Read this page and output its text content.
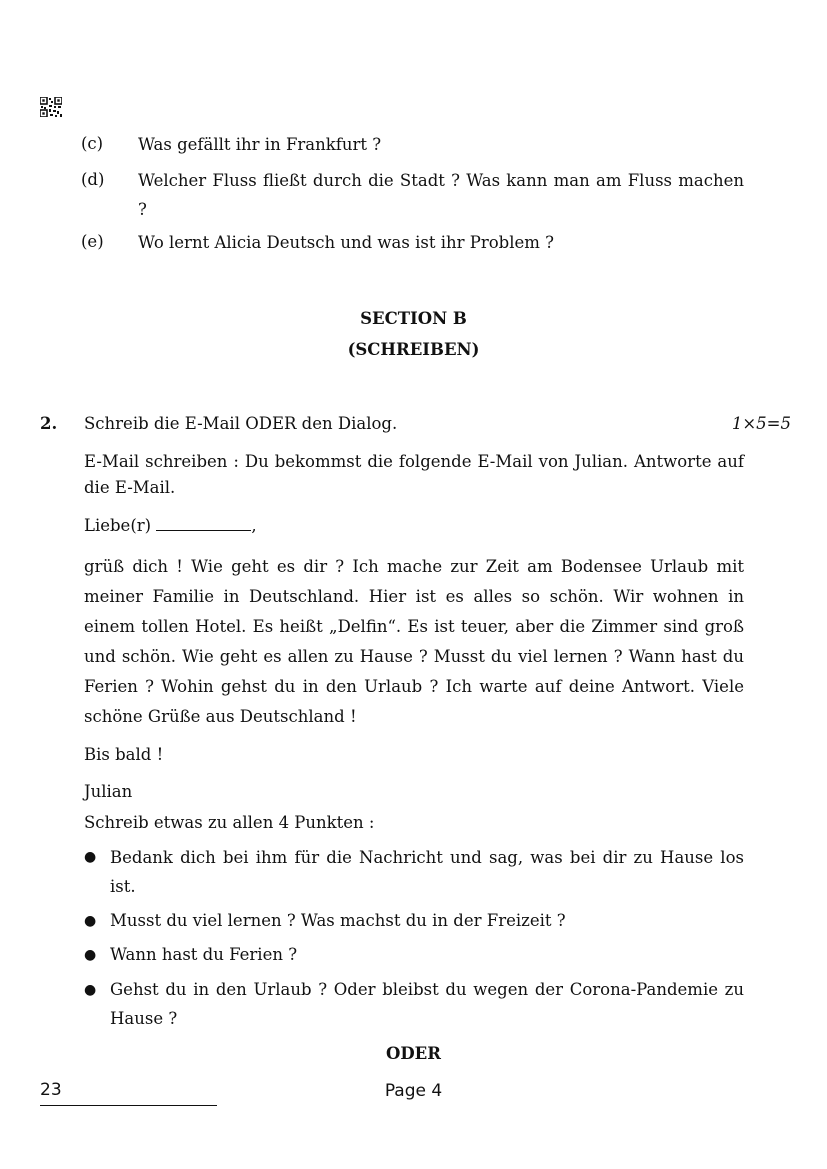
(c) Was gefällt ihr in Frankfurt ?
(d) Welcher Fluss fließt durch die Stadt ? Was kann man am Fluss machen ?
(e) Wo lernt Alicia Deutsch und was ist ihr Problem ?
SECTION B
(SCHREIBEN)
2. Schreib die E-Mail ODER den Dialog.	1×5=5
E-Mail schreiben : Du bekommst die folgende E-Mail von Julian. Antworte auf die E-Mail.
Liebe(r)	,
grüß dich ! Wie geht es dir ? Ich mache zur Zeit am Bodensee Urlaub mit meiner Familie in Deutschland. Hier ist es alles so schön. Wir wohnen in einem tollen Hotel. Es heißt „Delfin“. Es ist teuer, aber die Zimmer sind groß und schön. Wie geht es allen zu Hause ? Musst du viel lernen ? Wann hast du Ferien ? Wohin gehst du in den Urlaub ? Ich warte auf deine Antwort. Viele schöne Grüße aus Deutschland !
Bis bald !
Julian
Schreib etwas zu allen 4 Punkten :
● Bedank dich bei ihm für die Nachricht und sag, was bei dir zu Hause los ist.
● Musst du viel lernen ? Was machst du in der Freizeit ?
● Wann hast du Ferien ?
● Gehst du in den Urlaub ? Oder bleibst du wegen der Corona-Pandemie zu Hause ?
ODER
23	Page 4
